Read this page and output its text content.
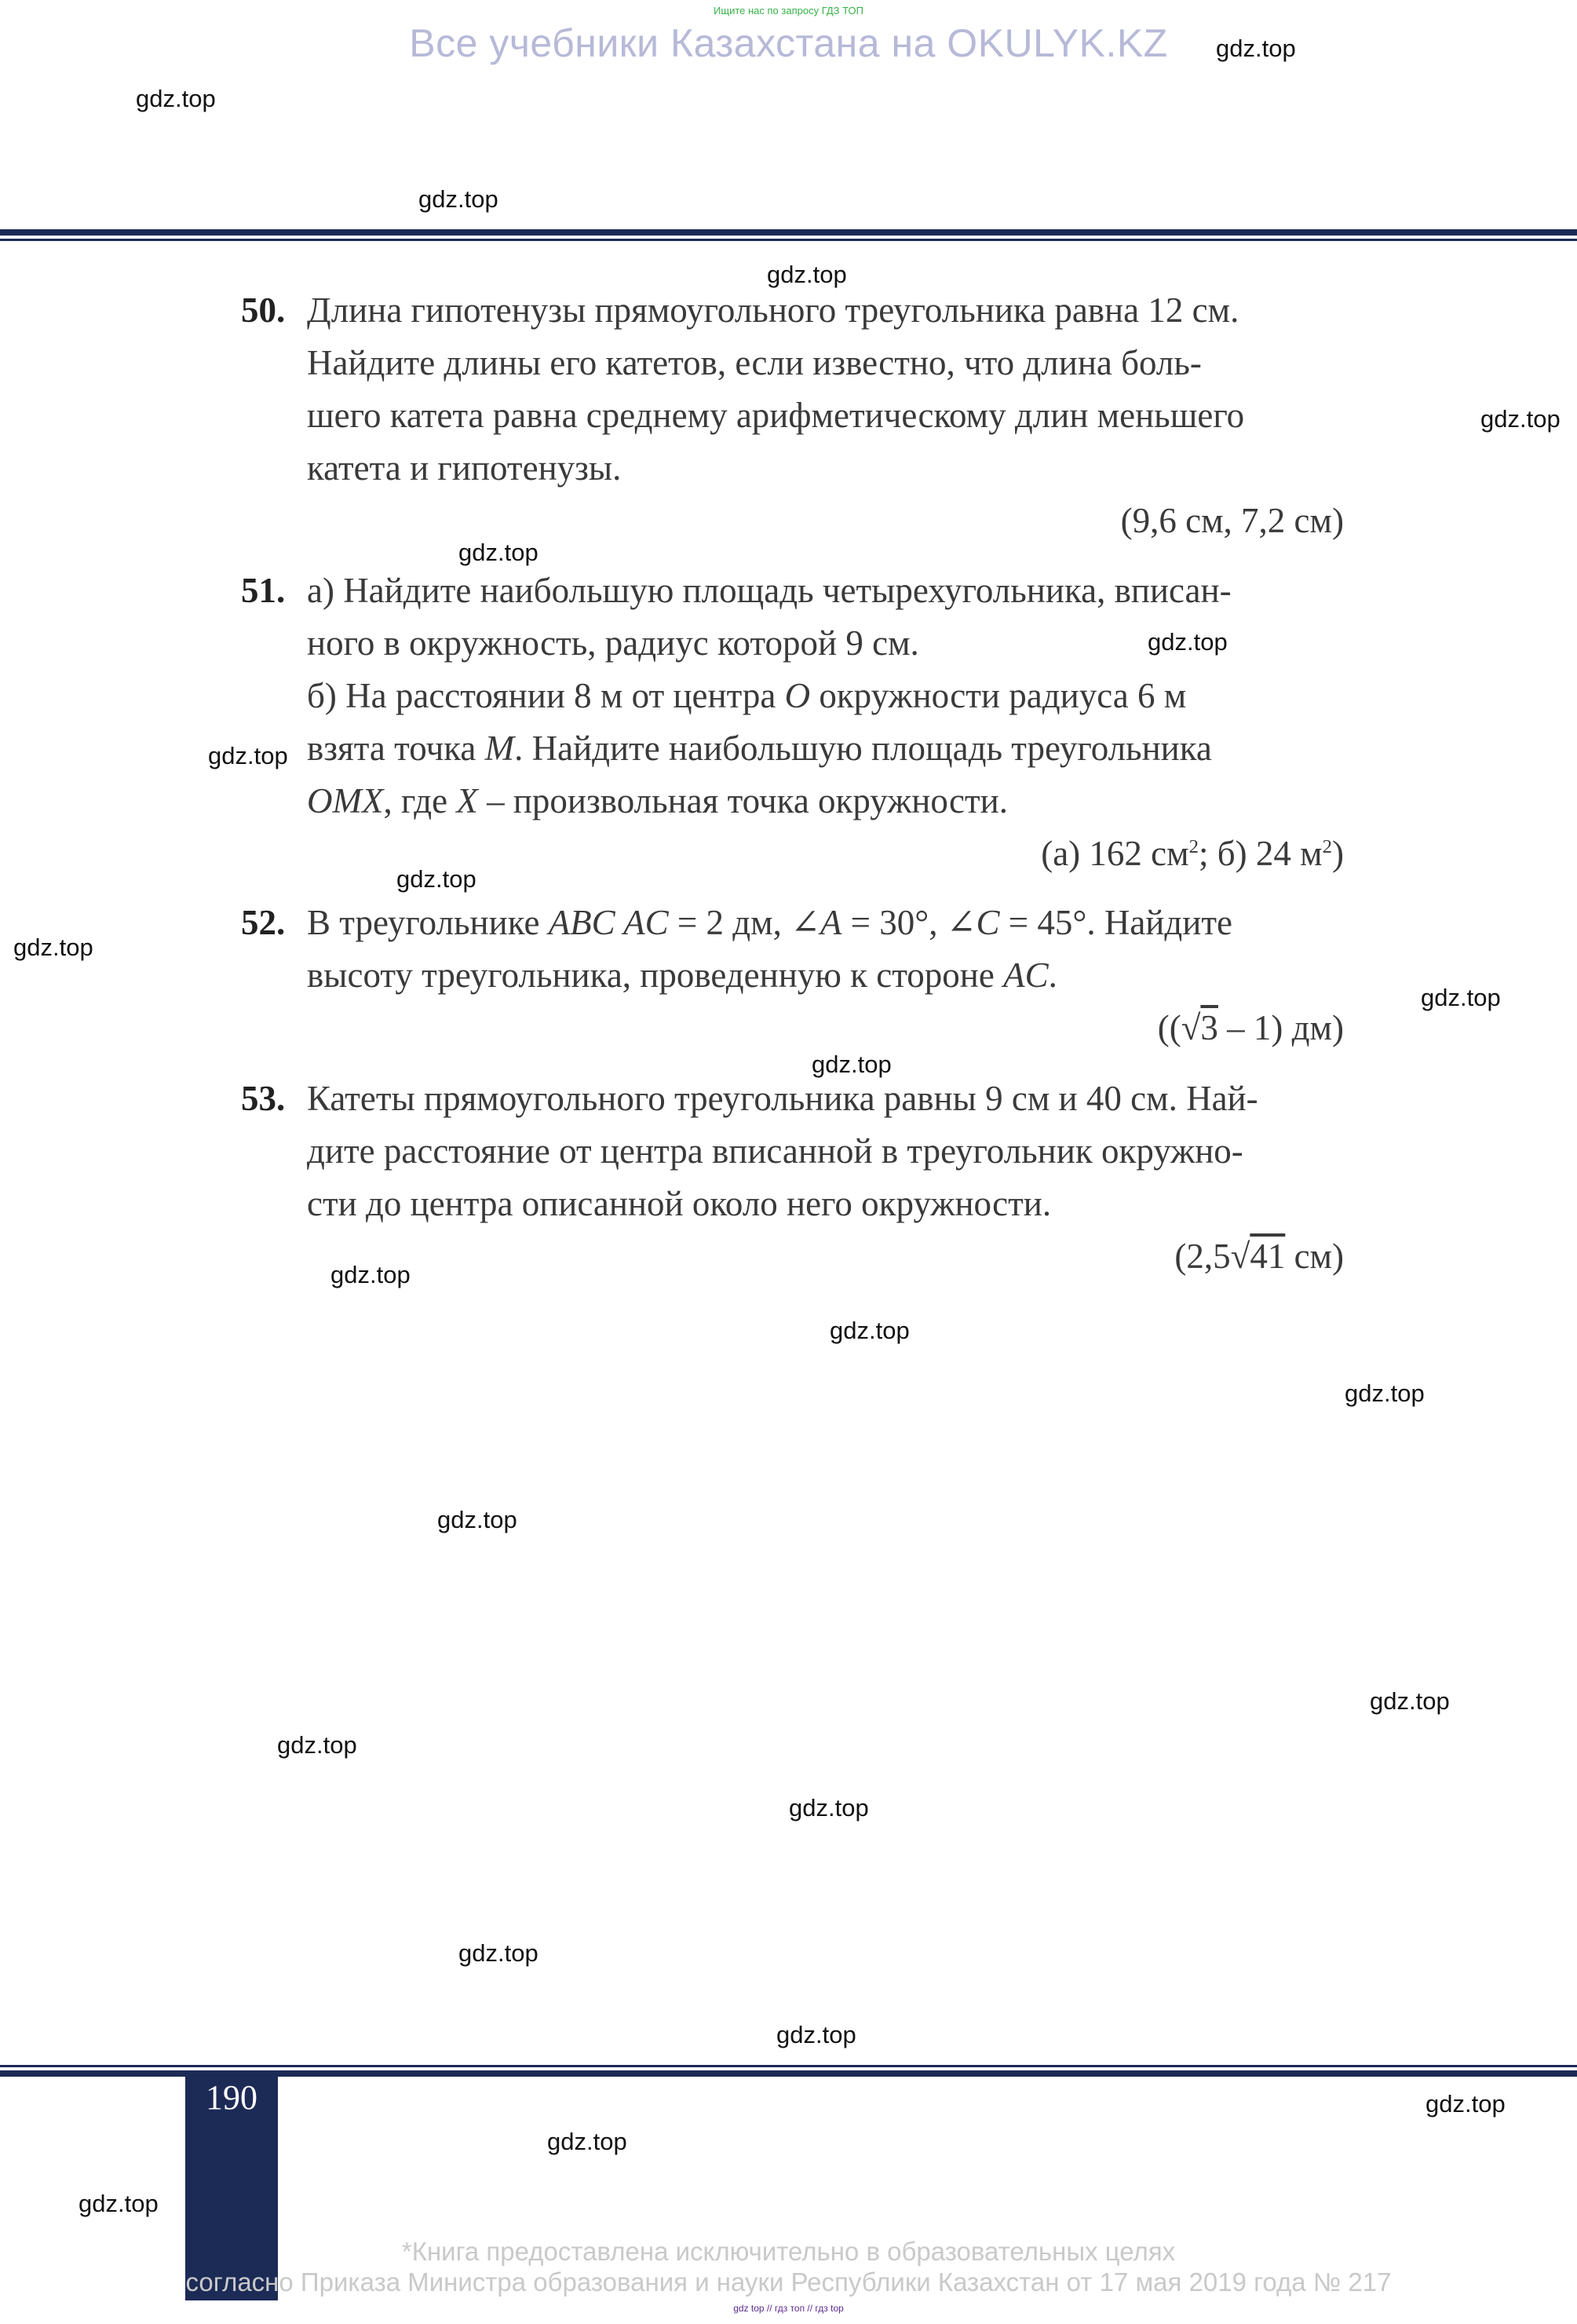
Ищите нас по запросу ГДЗ ТОП
Все учебники Казахстана на OKULYK.KZ
50. Длина гипотенузы прямоугольного треугольника равна 12 см.
Найдите длины его катетов, если известно, что длина боль-
шего катета равна среднему арифметическому длин меньшего
катета и гипотенузы.
(9,6 см, 7,2 см)
51. а) Найдите наибольшую площадь четырехугольника, вписан-
ного в окружность, радиус которой 9 см.
б) На расстоянии 8 м от центра O окружности радиуса 6 м
взята точка M. Найдите наибольшую площадь треугольника
OMX, где X – произвольная точка окружности.
(а) 162 $см^2$; б) 24 $м^2$)
52. В треугольнике ABC AC = 2 дм, ∠A = 30°, ∠C = 45°. Найдите
высоту треугольника, проведенную к стороне AC.
((√3 – 1) дм)
53. Катеты прямоугольного треугольника равны 9 см и 40 см. Най-
дите расстояние от центра вписанной в треугольник окружно-
сти до центра описанной около него окружности.
(2,5√41 см)
190
*Книга предоставлена исключительно в образовательных целях
согласно Приказа Министра образования и науки Республики Казахстан от 17 мая 2019 года № 217
gdz top // гдз топ // гдз top
gdz.top
gdz.top
gdz.top
gdz.top
gdz.top
gdz.top
gdz.top
gdz.top
gdz.top
gdz.top
gdz.top
gdz.top
gdz.top
gdz.top
gdz.top
gdz.top
gdz.top
gdz.top
gdz.top
gdz.top
gdz.top
gdz.top
gdz.top
gdz.top
